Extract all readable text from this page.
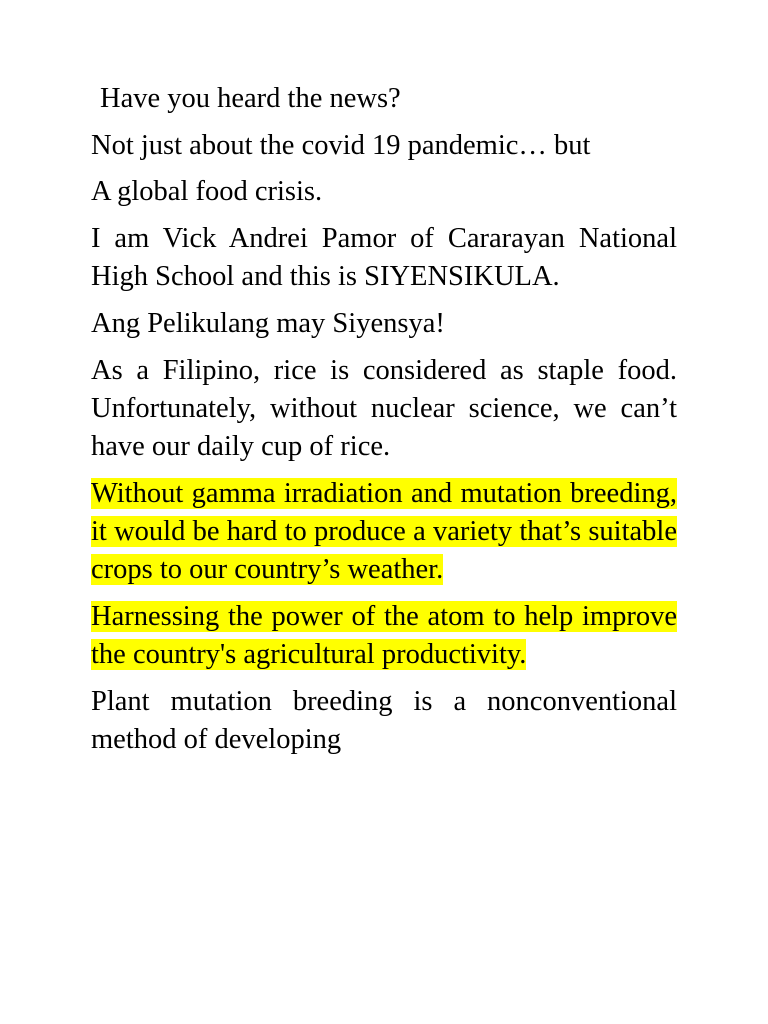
Have you heard the news?

Not just about the covid 19 pandemic… but

A global food crisis.

I am Vick Andrei Pamor of Cararayan National High School and this is SIYENSIKULA.

Ang Pelikulang may Siyensya!

As a Filipino, rice is considered as staple food. Unfortunately, without nuclear science, we can’t have our daily cup of rice.

Without gamma irradiation and mutation breeding, it would be hard to produce a variety that’s suitable crops to our country’s weather.

Harnessing the power of the atom to help improve the country's agricultural productivity.

Plant mutation breeding is a nonconventional method of developing
